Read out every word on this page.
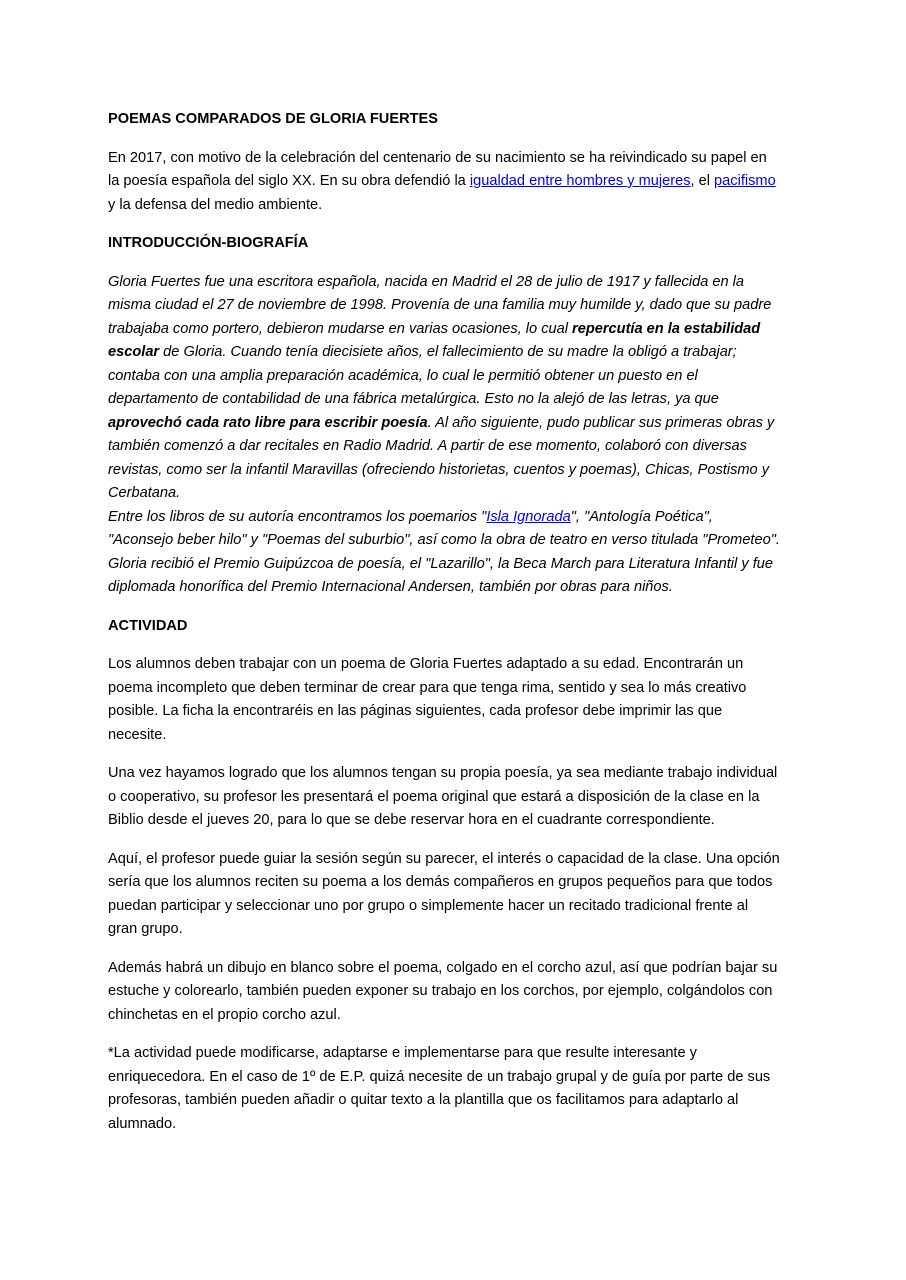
POEMAS COMPARADOS DE GLORIA FUERTES

En 2017, con motivo de la celebración del centenario de su nacimiento se ha reivindicado su papel en la poesía española del siglo XX. En su obra defendió la igualdad entre hombres y mujeres, el pacifismo y la defensa del medio ambiente.

INTRODUCCIÓN-BIOGRAFÍA

Gloria Fuertes fue una escritora española, nacida en Madrid el 28 de julio de 1917 y fallecida en la misma ciudad el 27 de noviembre de 1998. Provenía de una familia muy humilde y, dado que su padre trabajaba como portero, debieron mudarse en varias ocasiones, lo cual repercutía en la estabilidad escolar de Gloria. Cuando tenía diecisiete años, el fallecimiento de su madre la obligó a trabajar; contaba con una amplia preparación académica, lo cual le permitió obtener un puesto en el departamento de contabilidad de una fábrica metalúrgica. Esto no la alejó de las letras, ya que aprovechó cada rato libre para escribir poesía. Al año siguiente, pudo publicar sus primeras obras y también comenzó a dar recitales en Radio Madrid. A partir de ese momento, colaboró con diversas revistas, como ser la infantil Maravillas (ofreciendo historietas, cuentos y poemas), Chicas, Postismo y Cerbatana.
Entre los libros de su autoría encontramos los poemarios "Isla Ignorada", "Antología Poética", "Aconsejo beber hilo" y "Poemas del suburbio", así como la obra de teatro en verso titulada "Prometeo". Gloria recibió el Premio Guipúzcoa de poesía, el "Lazarillo", la Beca March para Literatura Infantil y fue diplomada honorífica del Premio Internacional Andersen, también por obras para niños.

ACTIVIDAD

Los alumnos deben trabajar con un poema de Gloria Fuertes adaptado a su edad. Encontrarán un poema incompleto que deben terminar de crear para que tenga rima, sentido y sea lo más creativo posible. La ficha la encontraréis en las páginas siguientes, cada profesor debe imprimir las que necesite.

Una vez hayamos logrado que los alumnos tengan su propia poesía, ya sea mediante trabajo individual o cooperativo, su profesor les presentará el poema original que estará a disposición de la clase en la Biblio desde el jueves 20, para lo que se debe reservar hora en el cuadrante correspondiente.

Aquí, el profesor puede guiar la sesión según su parecer, el interés o capacidad de la clase. Una opción sería que los alumnos reciten su poema a los demás compañeros en grupos pequeños para que todos puedan participar y seleccionar uno por grupo o simplemente hacer un recitado tradicional frente al gran grupo.

Además habrá un dibujo en blanco sobre el poema, colgado en el corcho azul, así que podrían bajar su estuche y colorearlo, también pueden exponer su trabajo en los corchos, por ejemplo, colgándolos con chinchetas en el propio corcho azul.

*La actividad puede modificarse, adaptarse e implementarse para que resulte interesante y enriquecedora. En el caso de 1º de E.P. quizá necesite de un trabajo grupal y de guía por parte de sus profesoras, también pueden añadir o quitar texto a la plantilla que os facilitamos para adaptarlo al alumnado.
